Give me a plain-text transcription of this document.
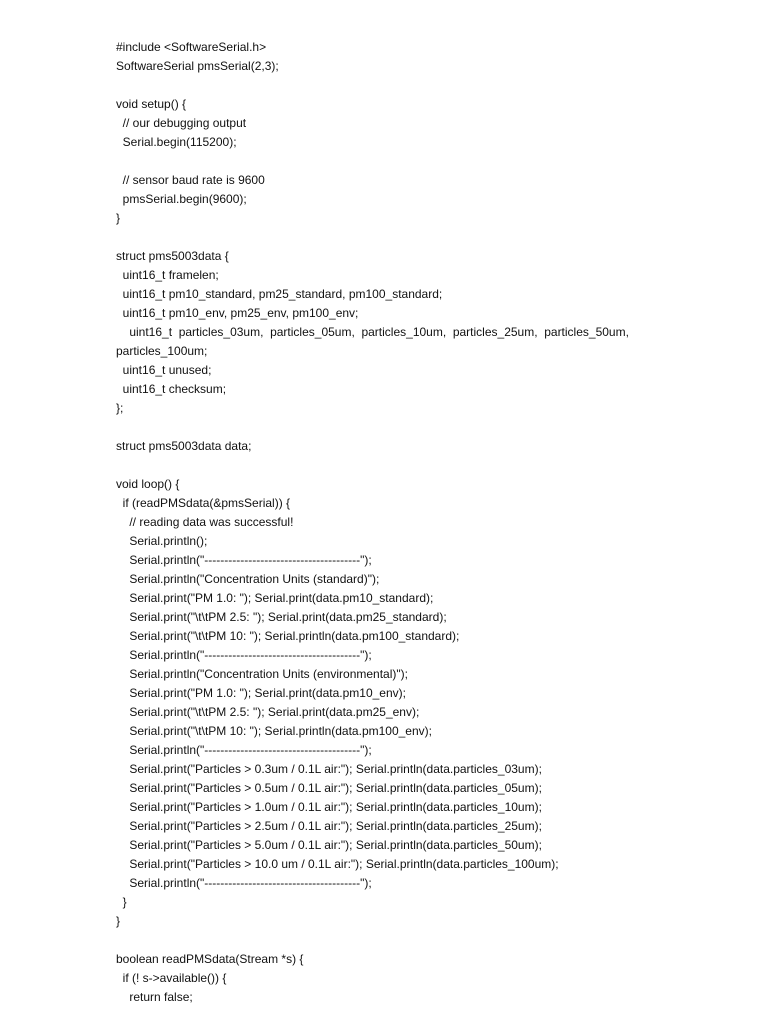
#include <SoftwareSerial.h>
SoftwareSerial pmsSerial(2,3);
void setup() {
// our debugging output
Serial.begin(115200);
// sensor baud rate is 9600
pmsSerial.begin(9600);
}
struct pms5003data {
uint16_t framelen;
uint16_t pm10_standard, pm25_standard, pm100_standard;
uint16_t pm10_env, pm25_env, pm100_env;
uint16_t  particles_03um,  particles_05um,  particles_10um,  particles_25um,  particles_50um,
particles_100um;
uint16_t unused;
uint16_t checksum;
};
struct pms5003data data;
void loop() {
if (readPMSdata(&pmsSerial)) {
// reading data was successful!
Serial.println();
Serial.println("---------------------------------------");
Serial.println("Concentration Units (standard)");
Serial.print("PM 1.0: "); Serial.print(data.pm10_standard);
Serial.print("\t\tPM 2.5: "); Serial.print(data.pm25_standard);
Serial.print("\t\tPM 10: "); Serial.println(data.pm100_standard);
Serial.println("---------------------------------------");
Serial.println("Concentration Units (environmental)");
Serial.print("PM 1.0: "); Serial.print(data.pm10_env);
Serial.print("\t\tPM 2.5: "); Serial.print(data.pm25_env);
Serial.print("\t\tPM 10: "); Serial.println(data.pm100_env);
Serial.println("---------------------------------------");
Serial.print("Particles > 0.3um / 0.1L air:"); Serial.println(data.particles_03um);
Serial.print("Particles > 0.5um / 0.1L air:"); Serial.println(data.particles_05um);
Serial.print("Particles > 1.0um / 0.1L air:"); Serial.println(data.particles_10um);
Serial.print("Particles > 2.5um / 0.1L air:"); Serial.println(data.particles_25um);
Serial.print("Particles > 5.0um / 0.1L air:"); Serial.println(data.particles_50um);
Serial.print("Particles > 10.0 um / 0.1L air:"); Serial.println(data.particles_100um);
Serial.println("---------------------------------------");
}
}
boolean readPMSdata(Stream *s) {
if (! s->available()) {
return false;
